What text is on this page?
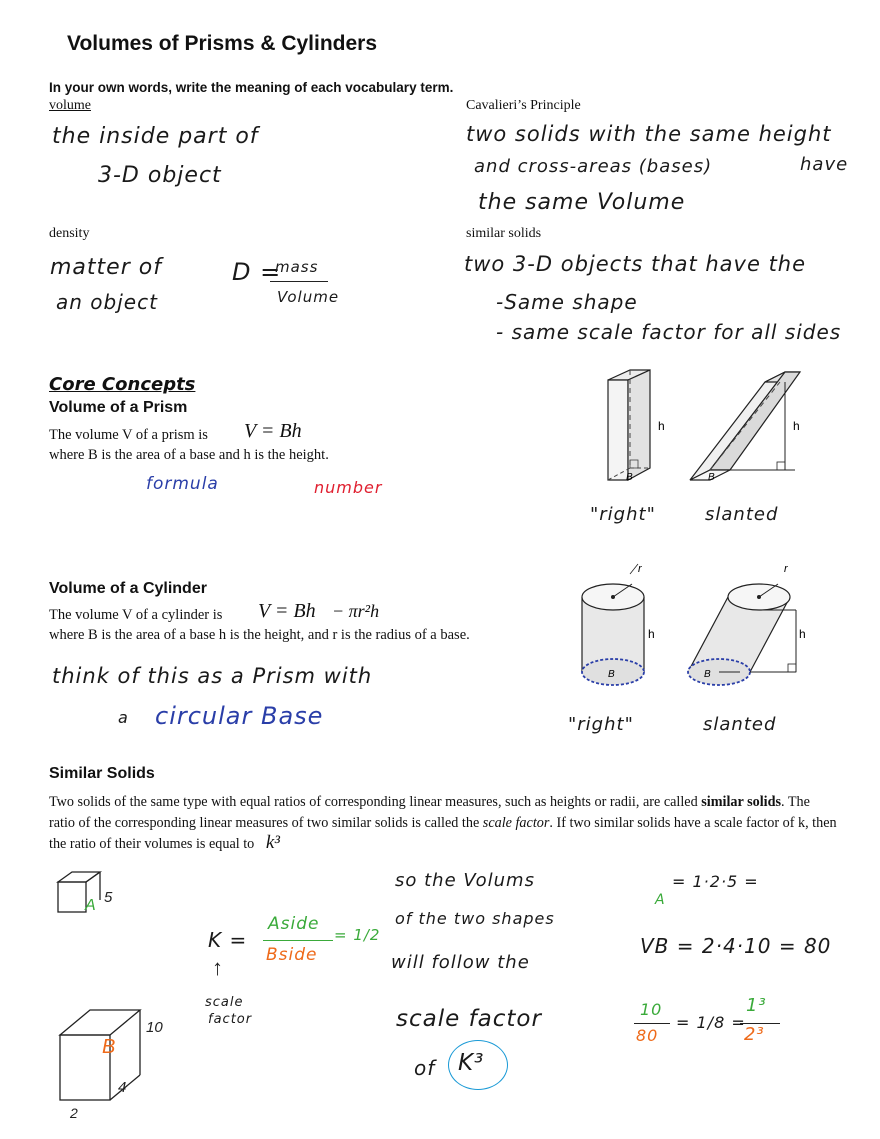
Volumes of Prisms & Cylinders
In your own words, write the meaning of each vocabulary term.
volume
the inside part of
3-D object
Cavalieri’s Principle
two solids with the same height
and cross-areas (bases)	have
the same Volume
density
matter of
an object
D =
mass
Volume
similar solids
two 3-D objects that have the
-Same shape
- same scale factor for all sides
Core Concepts
Volume of a Prism
The volume V of a prism is V = Bh
where B is the area of a base and h is the height.
formula	number
h
B
h
B
"right"	slanted
Volume of a Cylinder
The volume V of a cylinder is V = Bh − πr²h
where B is the area of a base h is the height, and r is the radius of a base.
think of this as a Prism with
a circular Base
r
h
B
r
h
B
"right"	slanted
Similar Solids
Two solids of the same type with equal ratios of corresponding linear measures, such as heights or radii, are called similar solids. The ratio of the corresponding linear measures of two similar solids is called the scale factor. If two similar solids have a scale factor of k, then the ratio of their volumes is equal to k³
A 5
B
10
4
2
K =
Aside
Bside
= 1/2
↑
scale
factor
so the Volums
of the two shapes
will follow the
scale factor
of K³
= 1·2·5 =
A
VB = 2·4·10 = 80
10
80
= 1/8 =
1³
2³
